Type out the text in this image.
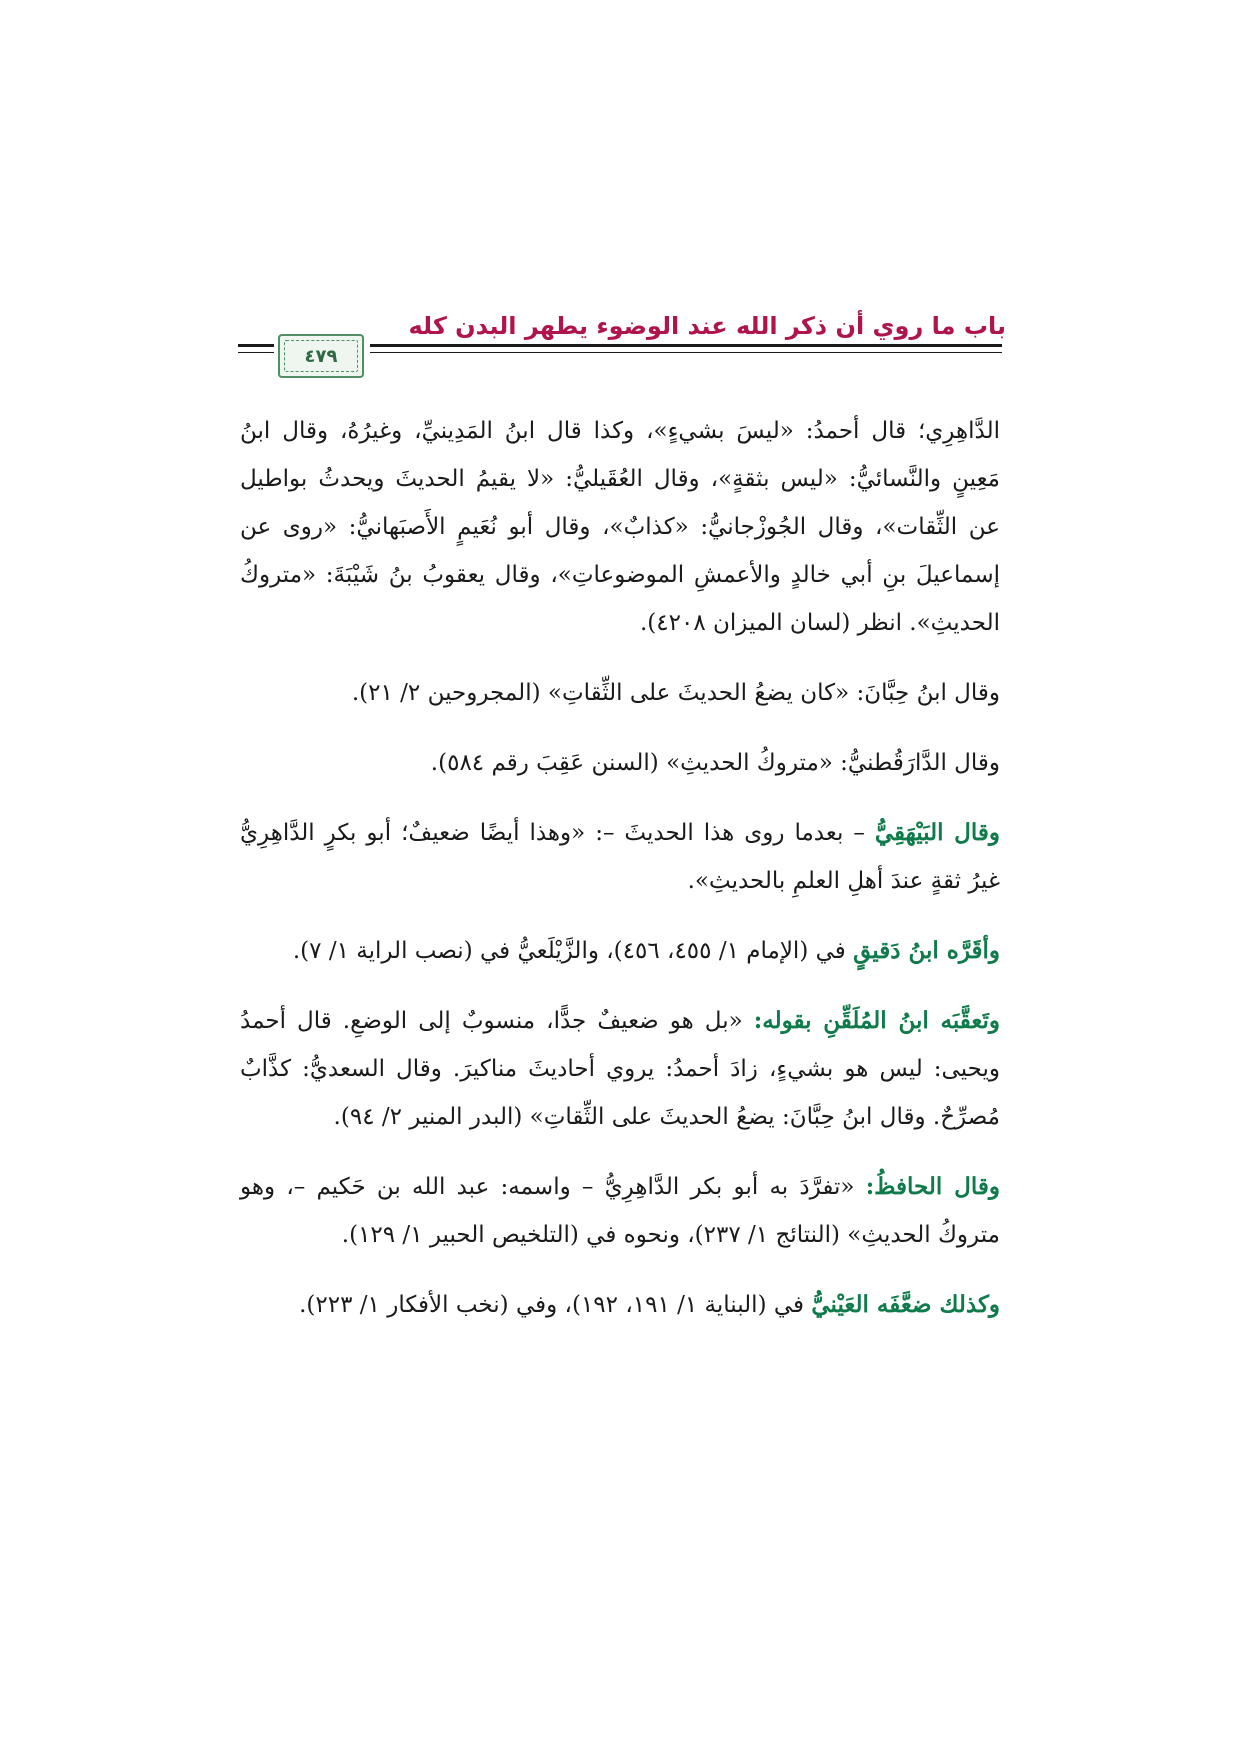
باب ما روي أن ذكر الله عند الوضوء يطهر البدن كله
٤٧٩

الدَّاهِرِي؛ قال أحمدُ: «ليسَ بشيءٍ»، وكذا قال ابنُ المَدِينيِّ، وغيرُهُ، وقال ابنُ مَعِينٍ والنَّسائيُّ: «ليس بثقةٍ»، وقال العُقَيليُّ: «لا يقيمُ الحديثَ ويحدثُ بواطيل عن الثِّقات»، وقال الجُوزْجانيُّ: «كذابٌ»، وقال أبو نُعَيمٍ الأَصبَهانيُّ: «روى عن إسماعيلَ بنِ أبي خالدٍ والأعمشِ الموضوعاتِ»، وقال يعقوبُ بنُ شَيْبَةَ: «متروكُ الحديثِ». انظر (لسان الميزان ٤٢٠٨).

وقال ابنُ حِبَّانَ: «كان يضعُ الحديثَ على الثِّقاتِ» (المجروحين ٢/ ٢١).

وقال الدَّارَقُطنيُّ: «متروكُ الحديثِ» (السنن عَقِبَ رقم ٥٨٤).

وقال البَيْهَقِيُّ – بعدما روى هذا الحديثَ –: «وهذا أيضًا ضعيفٌ؛ أبو بكرٍ الدَّاهِرِيُّ غيرُ ثقةٍ عندَ أهلِ العلمِ بالحديثِ».

وأقَرَّه ابنُ دَقيقٍ في (الإمام ١/ ٤٥٥، ٤٥٦)، والزَّيْلَعيُّ في (نصب الراية ١/ ٧).

وتَعقَّبَه ابنُ المُلَقِّنِ بقوله: «بل هو ضعيفٌ جدًّا، منسوبٌ إلى الوضعِ. قال أحمدُ ويحيى: ليس هو بشيءٍ، زادَ أحمدُ: يروي أحاديثَ مناكيرَ. وقال السعديُّ: كذَّابٌ مُصرِّحٌ. وقال ابنُ حِبَّانَ: يضعُ الحديثَ على الثِّقاتِ» (البدر المنير ٢/ ٩٤).

وقال الحافظُ: «تفرَّدَ به أبو بكر الدَّاهِرِيُّ – واسمه: عبد الله بن حَكيم –، وهو متروكُ الحديثِ» (النتائج ١/ ٢٣٧)، ونحوه في (التلخيص الحبير ١/ ١٢٩).

وكذلك ضعَّفَه العَيْنيُّ في (البناية ١/ ١٩١، ١٩٢)، وفي (نخب الأفكار ١/ ٢٢٣).
